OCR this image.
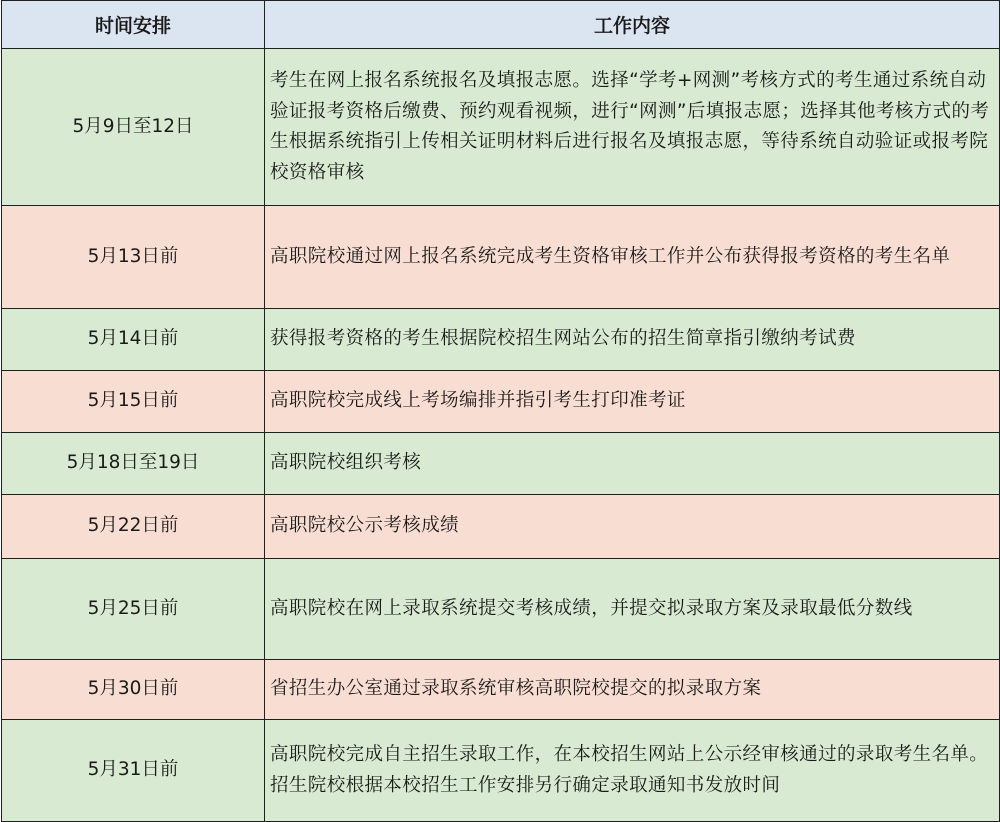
时间安排	工作内容
5月9日至12日	考生在网上报名系统报名及填报志愿。选择“学考+网测”考核方式的考生通过系统自动验证报考资格后缴费、预约观看视频，进行“网测”后填报志愿；选择其他考核方式的考生根据系统指引上传相关证明材料后进行报名及填报志愿，等待系统自动验证或报考院校资格审核
5月13日前	高职院校通过网上报名系统完成考生资格审核工作并公布获得报考资格的考生名单
5月14日前	获得报考资格的考生根据院校招生网站公布的招生简章指引缴纳考试费
5月15日前	高职院校完成线上考场编排并指引考生打印准考证
5月18日至19日	高职院校组织考核
5月22日前	高职院校公示考核成绩
5月25日前	高职院校在网上录取系统提交考核成绩，并提交拟录取方案及录取最低分数线
5月30日前	省招生办公室通过录取系统审核高职院校提交的拟录取方案
5月31日前	高职院校完成自主招生录取工作，在本校招生网站上公示经审核通过的录取考生名单。招生院校根据本校招生工作安排另行确定录取通知书发放时间
